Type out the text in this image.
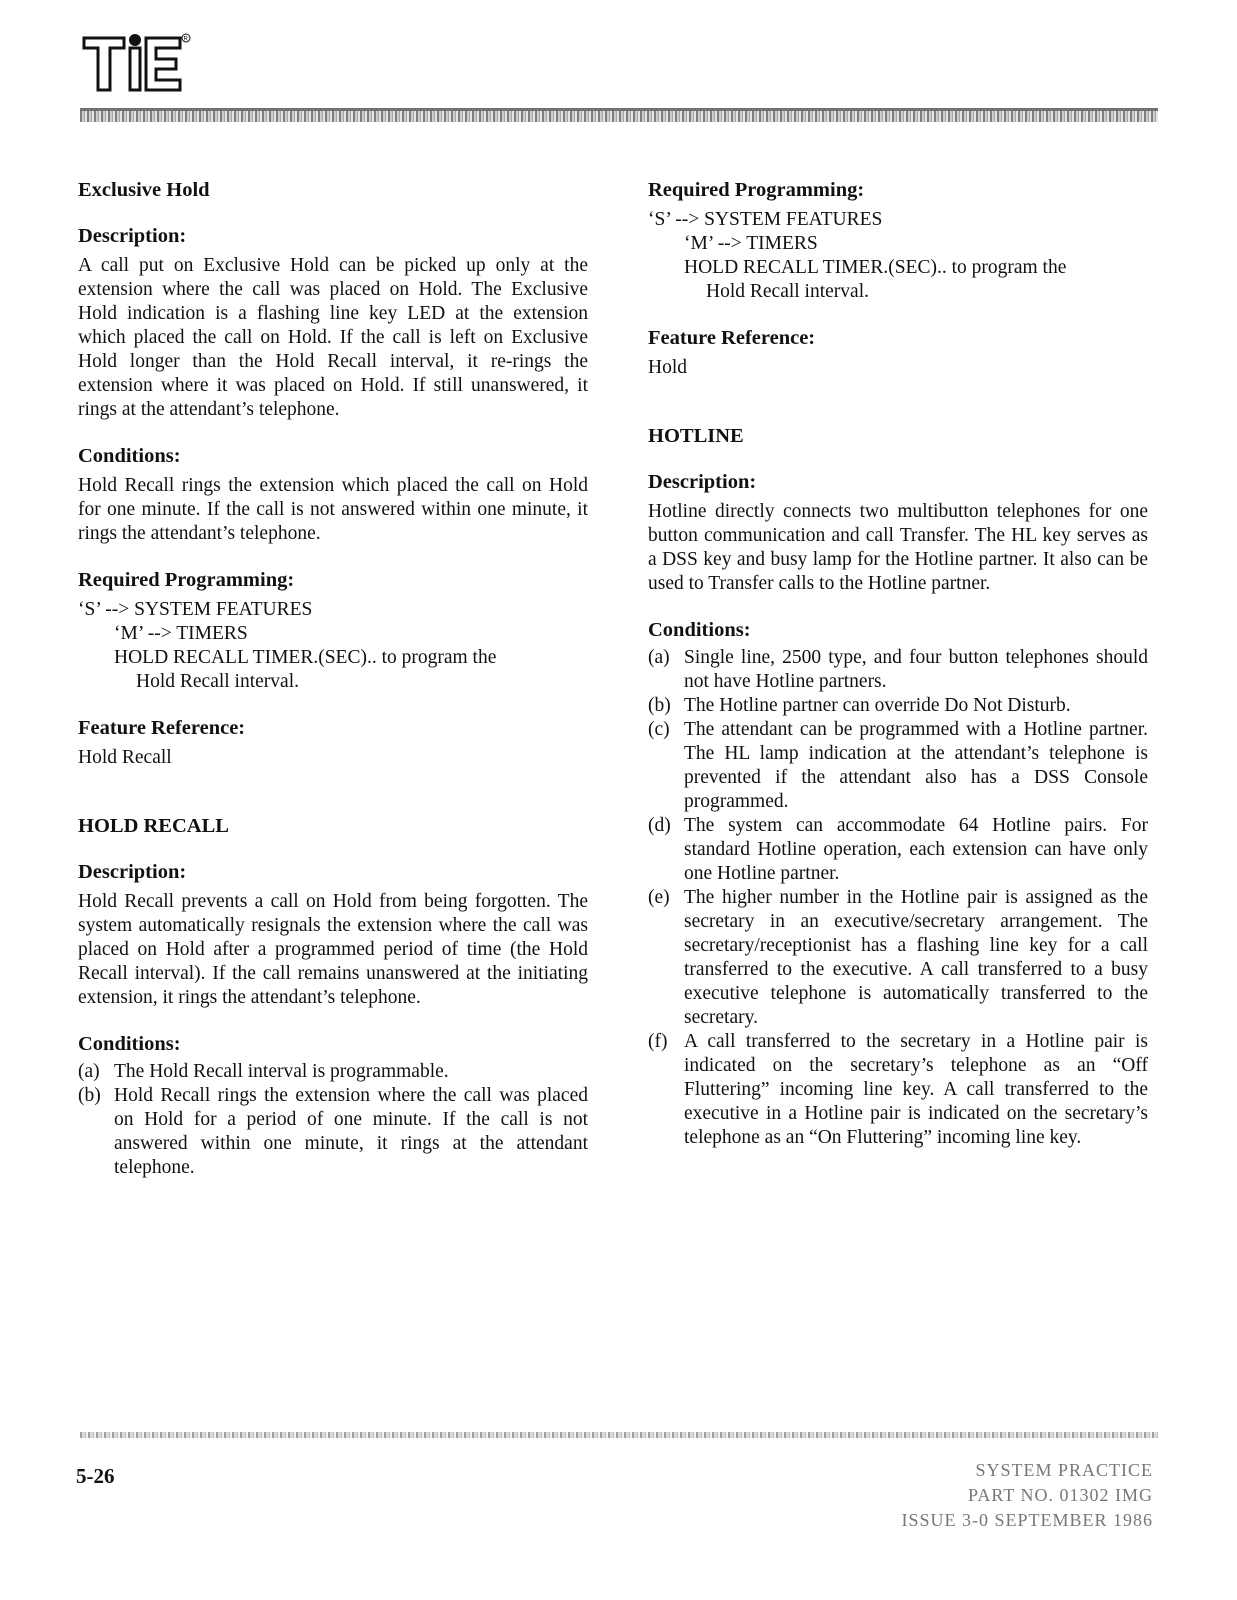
R

Exclusive Hold

Description:

A call put on Exclusive Hold can be picked up only at the extension where the call was placed on Hold. The Exclusive Hold indication is a flashing line key LED at the extension which placed the call on Hold. If the call is left on Exclusive Hold longer than the Hold Recall interval, it re-rings the extension where it was placed on Hold. If still unanswered, it rings at the attendant’s telephone.

Conditions:

Hold Recall rings the extension which placed the call on Hold for one minute. If the call is not answered within one minute, it rings the attendant’s telephone.

Required Programming:

‘S’ --> SYSTEM FEATURES
‘M’ --> TIMERS
HOLD RECALL TIMER.(SEC).. to program the
Hold Recall interval.

Feature Reference:

Hold Recall

HOLD RECALL

Description:

Hold Recall prevents a call on Hold from being forgotten. The system automatically resignals the extension where the call was placed on Hold after a programmed period of time (the Hold Recall interval). If the call remains unanswered at the initiating extension, it rings the attendant’s telephone.

Conditions:

(a) The Hold Recall interval is programmable.
(b) Hold Recall rings the extension where the call was placed on Hold for a period of one minute. If the call is not answered within one minute, it rings at the attendant telephone.

Required Programming:

‘S’ --> SYSTEM FEATURES
‘M’ --> TIMERS
HOLD RECALL TIMER.(SEC).. to program the
Hold Recall interval.

Feature Reference:

Hold

HOTLINE

Description:

Hotline directly connects two multibutton telephones for one button communication and call Transfer. The HL key serves as a DSS key and busy lamp for the Hotline partner. It also can be used to Transfer calls to the Hotline partner.

Conditions:

(a) Single line, 2500 type, and four button telephones should not have Hotline partners.
(b) The Hotline partner can override Do Not Disturb.
(c) The attendant can be programmed with a Hotline partner. The HL lamp indication at the attendant’s telephone is prevented if the attendant also has a DSS Console programmed.
(d) The system can accommodate 64 Hotline pairs. For standard Hotline operation, each extension can have only one Hotline partner.
(e) The higher number in the Hotline pair is assigned as the secretary in an executive/secretary arrangement. The secretary/receptionist has a flashing line key for a call transferred to the executive. A call transferred to a busy executive telephone is automatically transferred to the secretary.
(f) A call transferred to the secretary in a Hotline pair is indicated on the secretary’s telephone as an “Off Fluttering” incoming line key. A call transferred to the executive in a Hotline pair is indicated on the secretary’s telephone as an “On Fluttering” incoming line key.
5-26	SYSTEM PRACTICE
PART NO. 01302 IMG
ISSUE 3-0 SEPTEMBER 1986
